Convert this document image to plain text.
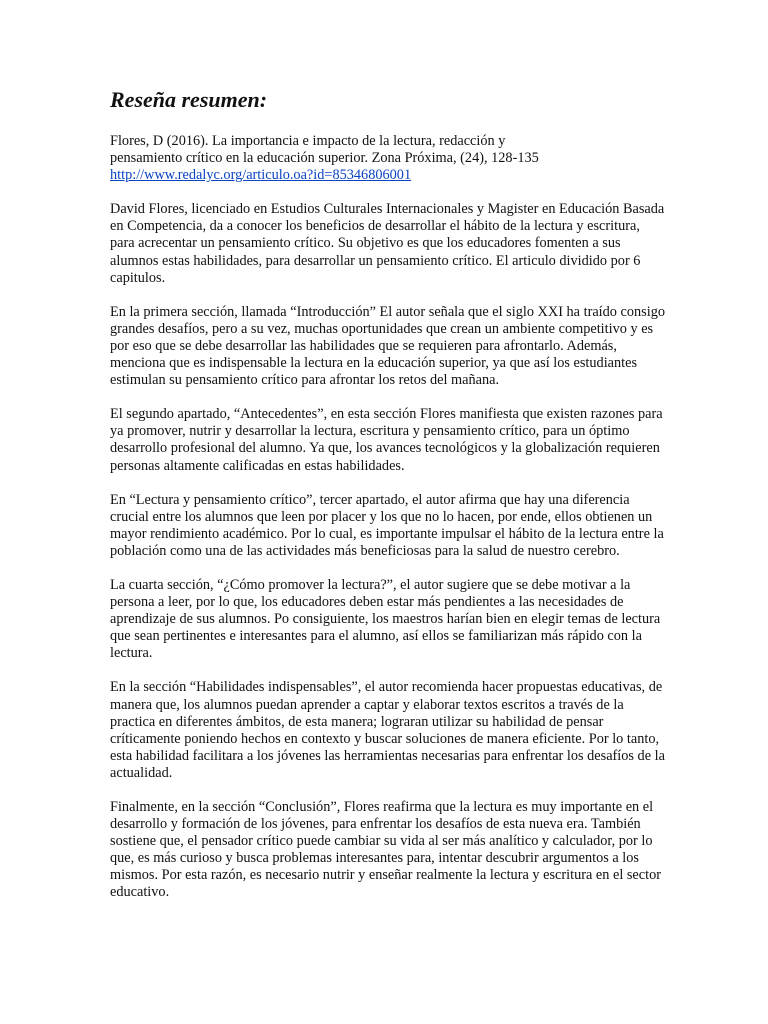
Reseña resumen:
Flores, D (2016). La importancia e impacto de la lectura, redacción y
pensamiento crítico en la educación superior. Zona Próxima, (24), 128-135
http://www.redalyc.org/articulo.oa?id=85346806001

David Flores, licenciado en Estudios Culturales Internacionales y Magister en Educación Basada en Competencia, da a conocer los beneficios de desarrollar el hábito de la lectura y escritura, para acrecentar un pensamiento crítico. Su objetivo es que los educadores fomenten a sus alumnos estas habilidades, para desarrollar un pensamiento crítico. El articulo dividido por 6 capitulos.

En la primera sección, llamada “Introducción” El autor señala que el siglo XXI ha traído consigo grandes desafíos, pero a su vez, muchas oportunidades que crean un ambiente competitivo y es por eso que se debe desarrollar las habilidades que se requieren para afrontarlo. Además, menciona que es indispensable la lectura en la educación superior, ya que así los estudiantes estimulan su pensamiento crítico para afrontar los retos del mañana.

El segundo apartado, “Antecedentes”, en esta sección Flores manifiesta que existen razones para ya promover, nutrir y desarrollar la lectura, escritura y pensamiento crítico, para un óptimo desarrollo profesional del alumno. Ya que, los avances tecnológicos y la globalización requieren personas altamente calificadas en estas habilidades.

En “Lectura y pensamiento crítico”, tercer apartado, el autor afirma que hay una diferencia crucial entre los alumnos que leen por placer y los que no lo hacen, por ende, ellos obtienen un mayor rendimiento académico. Por lo cual, es importante impulsar el hábito de la lectura entre la población como una de las actividades más beneficiosas para la salud de nuestro cerebro.

La cuarta sección, “¿Cómo promover la lectura?”, el autor sugiere que se debe motivar a la persona a leer, por lo que, los educadores deben estar más pendientes a las necesidades de aprendizaje de sus alumnos. Po consiguiente, los maestros harían bien en elegir temas de lectura que sean pertinentes e interesantes para el alumno, así ellos se familiarizan más rápido con la lectura.

En la sección “Habilidades indispensables”, el autor recomienda hacer propuestas educativas, de manera que, los alumnos puedan aprender a captar y elaborar textos escritos a través de la practica en diferentes ámbitos, de esta manera; lograran utilizar su habilidad de pensar críticamente poniendo hechos en contexto y buscar soluciones de manera eficiente. Por lo tanto, esta habilidad facilitara a los jóvenes las herramientas necesarias para enfrentar los desafíos de la actualidad.

Finalmente, en la sección “Conclusión”, Flores reafirma que la lectura es muy importante en el desarrollo y formación de los jóvenes, para enfrentar los desafíos de esta nueva era. También sostiene que, el pensador crítico puede cambiar su vida al ser más analítico y calculador, por lo que, es más curioso y busca problemas interesantes para, intentar descubrir argumentos a los mismos. Por esta razón, es necesario nutrir y enseñar realmente la lectura y escritura en el sector educativo.
